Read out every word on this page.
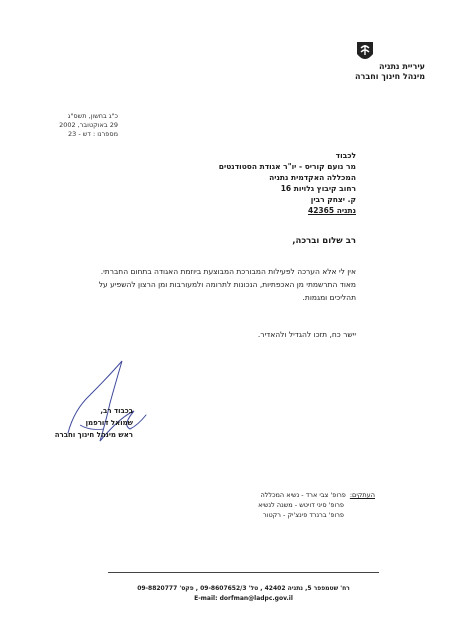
עיריית נתניה
מינהל חינוך וחברה
כ"ג בחשון, תשס"ג
29 באוקטובר, 2002
מספרנו : דש - 23
לכבוד
מר נועם קוריס - יו"ר אגודת הסטודנטים
המכללה האקדמית נתניה
רחוב קיבוץ גלויות 16
ק. יצחק רבין
נתניה 42365
רב שלום וברכה,
אין לי אלא הערכה לפעילות המבורכת המבוצעת ביוזמת האגודה בתחום החברתי.
מאוד התרשמתי מן האכפתיות, הנכונות לתרומה ולמעורבות ומן הרצון להשפיע על
תהליכים ומגמות.
יישר כח, תזכו להגדיל ולהאדיר.
בכבוד רב,
שמואל דורפמן
ראש מינהל חינוך וחברה
העתקים:פרופ' צבי ארד - נשיא המכללה
פרופ' סיני דויטש - משנה לנשיא
פרופ' ברנרד פינצ'יק - רקטור
רח' שטמפפר 5, נתניה 42402 , טל' 09-8607652/3 , פקס' 09-8820777
E-mail: dorfman@ladpc.gov.il
